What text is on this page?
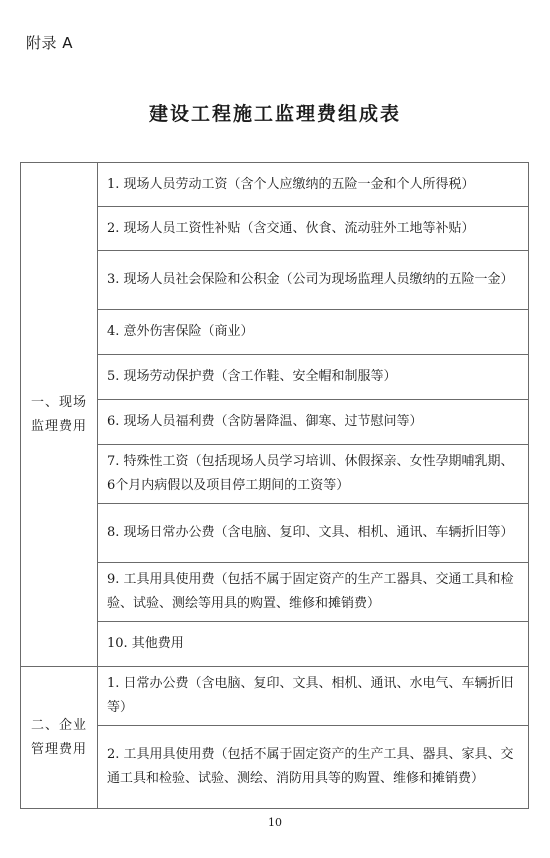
附录 A
建设工程施工监理费组成表
一、现场
监理费用	1. 现场人员劳动工资（含个人应缴纳的五险一金和个人所得税）
	2. 现场人员工资性补贴（含交通、伙食、流动驻外工地等补贴）
	3. 现场人员社会保险和公积金（公司为现场监理人员缴纳的五险一金）
	4. 意外伤害保险（商业）
	5. 现场劳动保护费（含工作鞋、安全帽和制服等）
	6. 现场人员福利费（含防暑降温、御寒、过节慰问等）
	7. 特殊性工资（包括现场人员学习培训、休假探亲、女性孕期哺乳期、6个月内病假以及项目停工期间的工资等）
	8. 现场日常办公费（含电脑、复印、文具、相机、通讯、车辆折旧等）
	9. 工具用具使用费（包括不属于固定资产的生产工器具、交通工具和检验、试验、测绘等用具的购置、维修和摊销费）
	10. 其他费用

二、企业
管理费用	1. 日常办公费（含电脑、复印、文具、相机、通讯、水电气、车辆折旧等）
	2. 工具用具使用费（包括不属于固定资产的生产工具、器具、家具、交通工具和检验、试验、测绘、消防用具等的购置、维修和摊销费）
10
